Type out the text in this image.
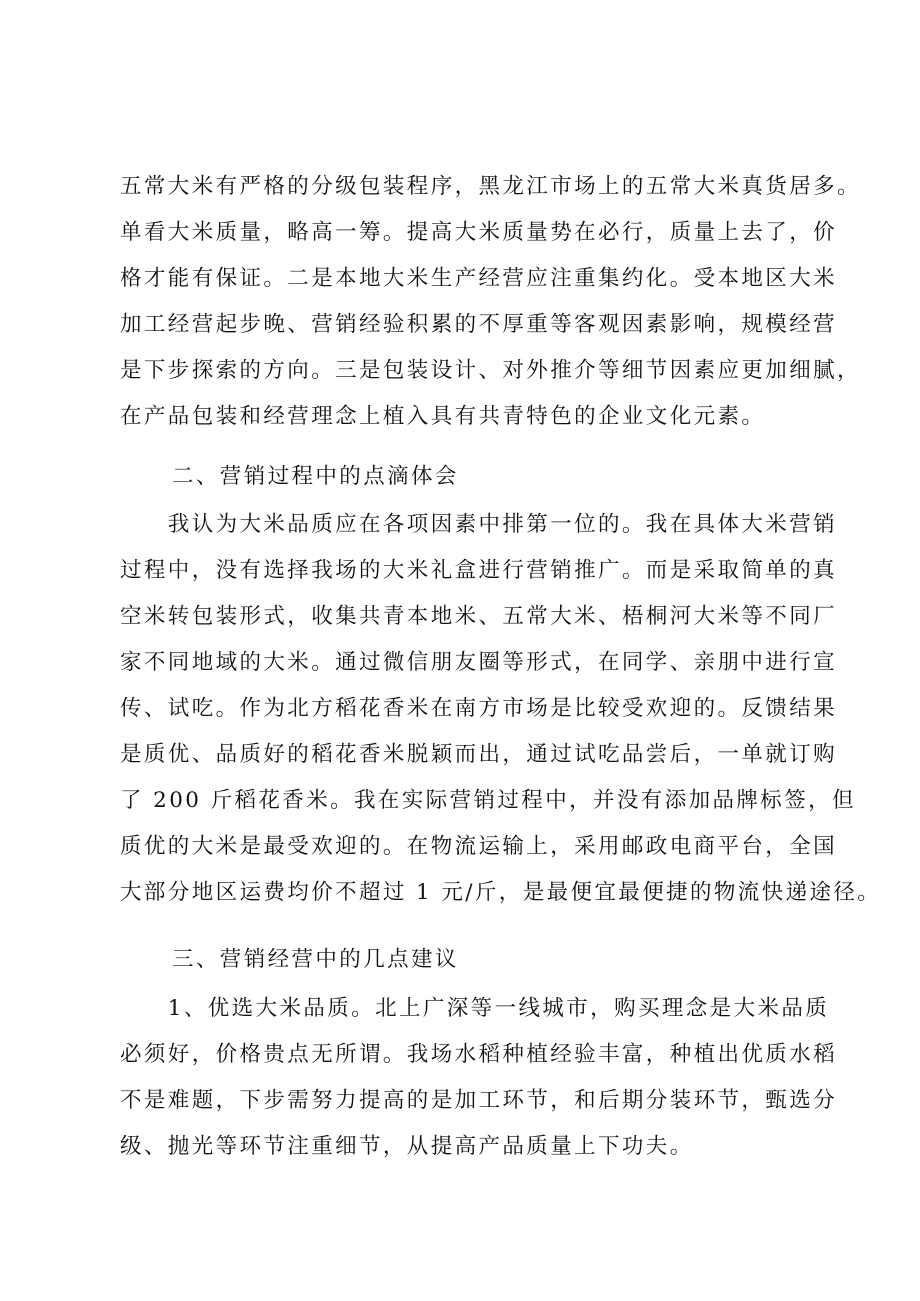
五常大米有严格的分级包装程序，黑龙江市场上的五常大米真货居多。
单看大米质量，略高一筹。提高大米质量势在必行，质量上去了，价
格才能有保证。二是本地大米生产经营应注重集约化。受本地区大米
加工经营起步晚、营销经验积累的不厚重等客观因素影响，规模经营
是下步探索的方向。三是包装设计、对外推介等细节因素应更加细腻，
在产品包装和经营理念上植入具有共青特色的企业文化元素。
二、营销过程中的点滴体会
　　我认为大米品质应在各项因素中排第一位的。我在具体大米营销
过程中，没有选择我场的大米礼盒进行营销推广。而是采取简单的真
空米转包装形式，收集共青本地米、五常大米、梧桐河大米等不同厂
家不同地域的大米。通过微信朋友圈等形式，在同学、亲朋中进行宣
传、试吃。作为北方稻花香米在南方市场是比较受欢迎的。反馈结果
是质优、品质好的稻花香米脱颖而出，通过试吃品尝后，一单就订购
了 200 斤稻花香米。我在实际营销过程中，并没有添加品牌标签，但
质优的大米是最受欢迎的。在物流运输上，采用邮政电商平台，全国
大部分地区运费均价不超过 1 元/斤，是最便宜最便捷的物流快递途径。
三、营销经营中的几点建议
　　1、优选大米品质。北上广深等一线城市，购买理念是大米品质
必须好，价格贵点无所谓。我场水稻种植经验丰富，种植出优质水稻
不是难题，下步需努力提高的是加工环节，和后期分装环节，甄选分
级、抛光等环节注重细节，从提高产品质量上下功夫。
